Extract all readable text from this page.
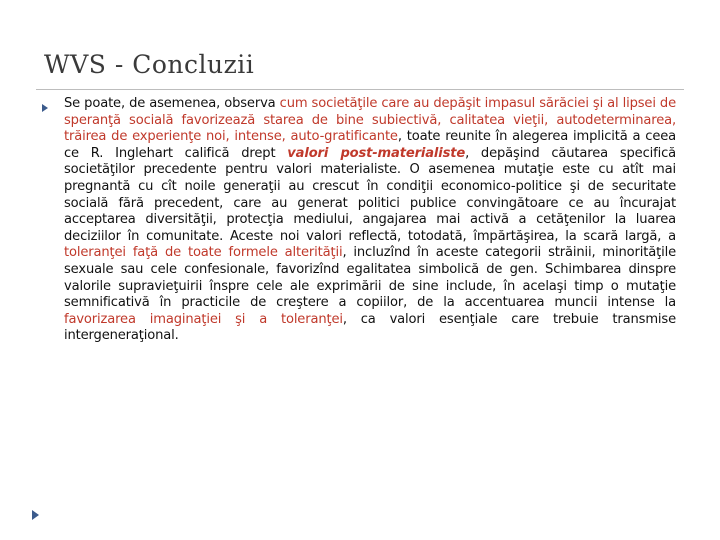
WVS - Concluzii

Se poate, de asemenea, observa cum societăţile care au depăşit impasul sărăciei şi al lipsei de speranţă socială favorizează starea de bine subiectivă, calitatea vieţii, autodeterminarea, trăirea de experienţe noi, intense, auto-gratificante, toate reunite în alegerea implicită a ceea ce R. Inglehart califică drept valori post-materialiste, depăşind căutarea specifică societăţilor precedente pentru valori materialiste. O asemenea mutaţie este cu atît mai pregnantă cu cît noile generaţii au crescut în condiţii economico-politice şi de securitate socială fără precedent, care au generat politici publice convingătoare ce au încurajat acceptarea diversităţii, protecţia mediului, angajarea mai activă a cetăţenilor la luarea deciziilor în comunitate. Aceste noi valori reflectă, totodată, împărtăşirea, la scară largă, a toleranţei faţă de toate formele alterităţii, incluzînd în aceste categorii străinii, minorităţile sexuale sau cele confesionale, favorizînd egalitatea simbolică de gen. Schimbarea dinspre valorile supravieţuirii înspre cele ale exprimării de sine include, în acelaşi timp o mutaţie semnificativă în practicile de creştere a copiilor, de la accentuarea muncii intense la favorizarea imaginaţiei şi a toleranţei, ca valori esenţiale care trebuie transmise intergeneraţional.
